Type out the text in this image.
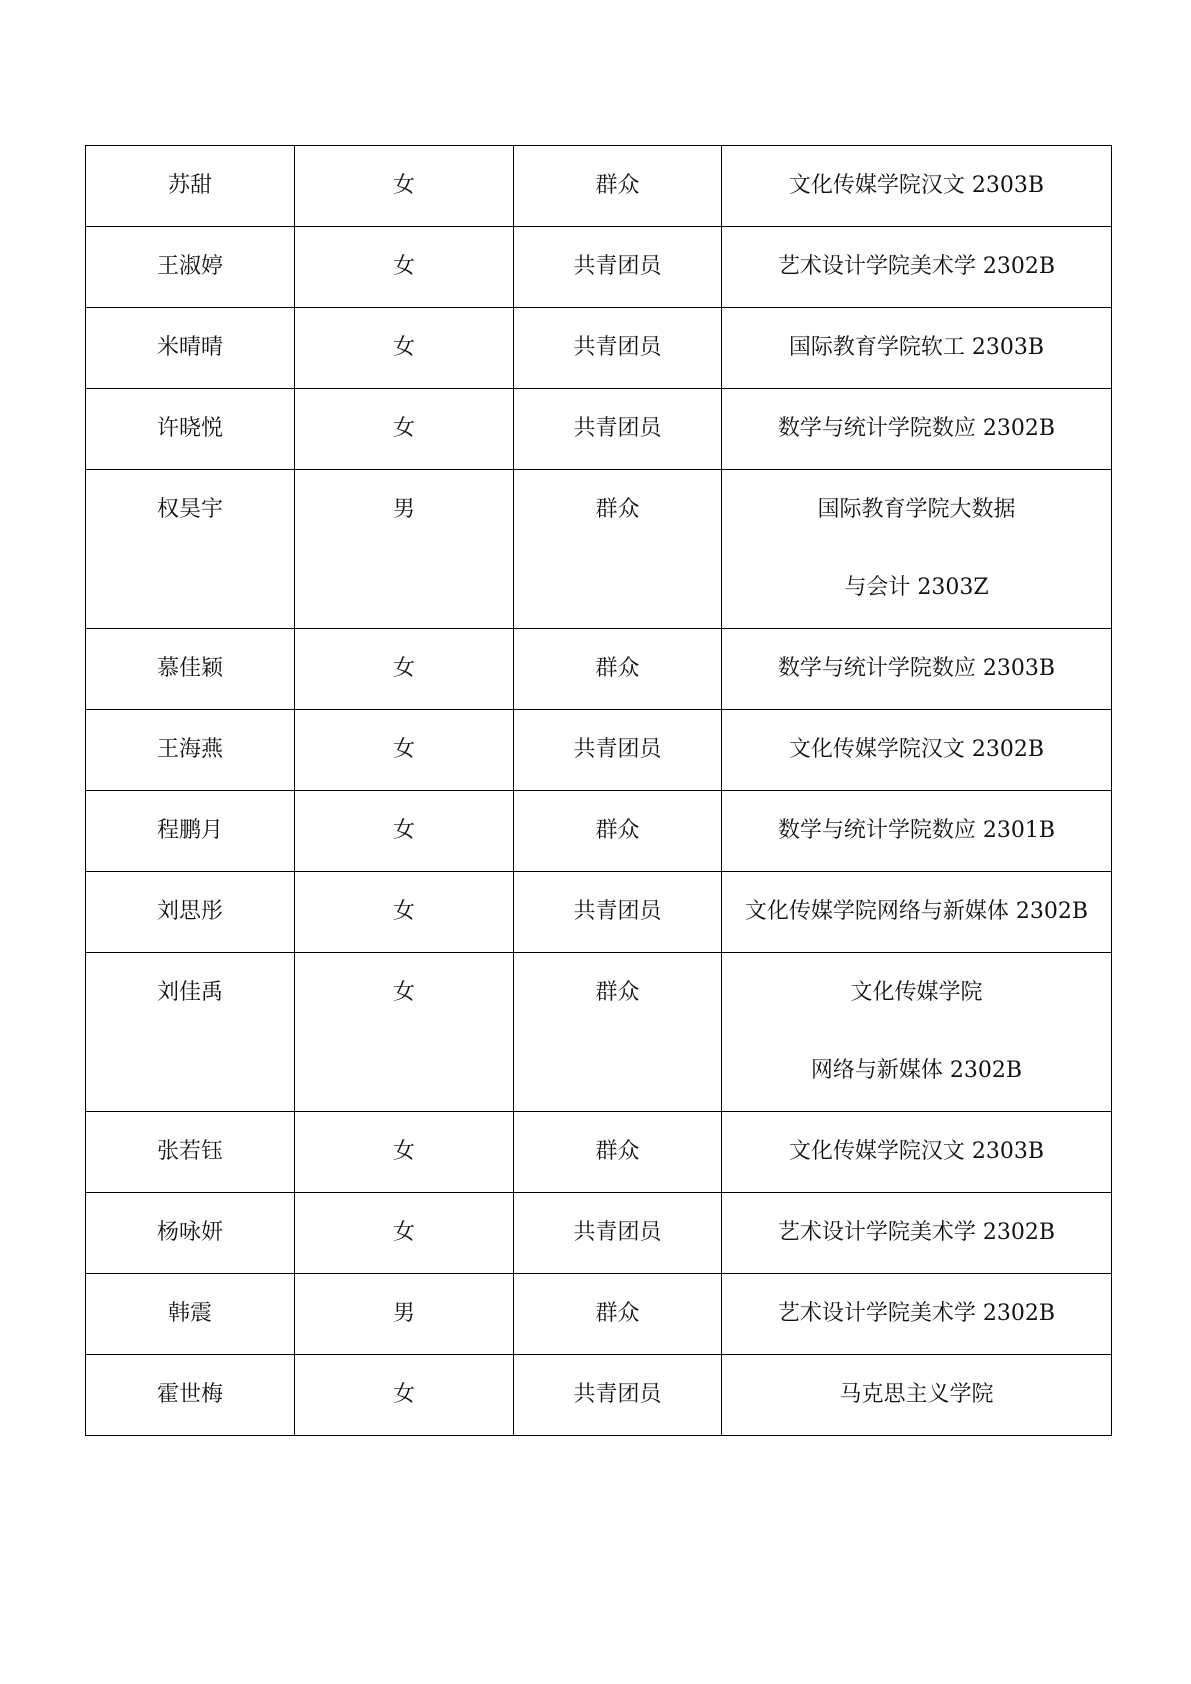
苏甜	女	群众	文化传媒学院汉文 2303B

王淑婷	女	共青团员	艺术设计学院美术学 2302B

米晴晴	女	共青团员	国际教育学院软工 2303B

许晓悦	女	共青团员	数学与统计学院数应 2302B

权昊宇	男	群众	国际教育学院大数据
与会计 2303Z

慕佳颖	女	群众	数学与统计学院数应 2303B

王海燕	女	共青团员	文化传媒学院汉文 2302B

程鹏月	女	群众	数学与统计学院数应 2301B

刘思彤	女	共青团员	文化传媒学院网络与新媒体 2302B

刘佳禹	女	群众	文化传媒学院
网络与新媒体 2302B

张若钰	女	群众	文化传媒学院汉文 2303B

杨咏妍	女	共青团员	艺术设计学院美术学 2302B

韩震	男	群众	艺术设计学院美术学 2302B

霍世梅	女	共青团员	马克思主义学院
